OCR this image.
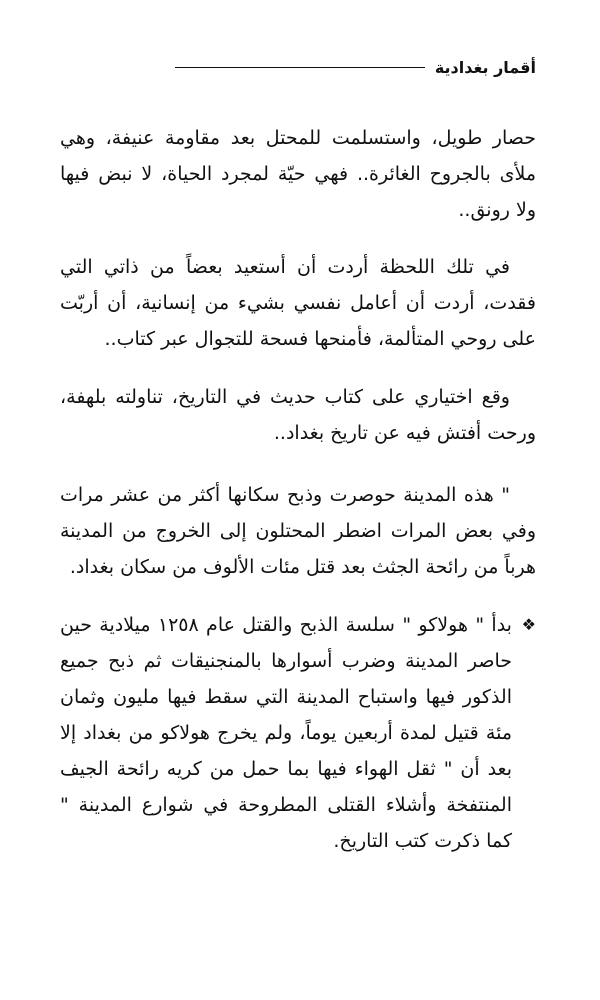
أقمار بغدادية

حصار طويل، واستسلمت للمحتل بعد مقاومة عنيفة، وهي ملأى بالجروح الغائرة.. فهي حيّة لمجرد الحياة، لا نبض فيها ولا رونق..

في تلك اللحظة أردت أن أستعيد بعضاً من ذاتي التي فقدت، أردت أن أعامل نفسي بشيء من إنسانية، أن أربّت على روحي المتألمة، فأمنحها فسحة للتجوال عبر كتاب..

وقع اختياري على كتاب حديث في التاريخ، تناولته بلهفة، ورحت أفتش فيه عن تاريخ بغداد..

" هذه المدينة حوصرت وذبح سكانها أكثر من عشر مرات وفي بعض المرات اضطر المحتلون إلى الخروج من المدينة هرباً من رائحة الجثث بعد قتل مئات الألوف من سكان بغداد.

❖

بدأ " هولاكو " سلسة الذبح والقتل عام ١٢٥٨ ميلادية حين حاصر المدينة وضرب أسوارها بالمنجنيقات ثم ذبح جميع الذكور فيها واستباح المدينة التي سقط فيها مليون وثمان مئة قتيل لمدة أربعين يوماً، ولم يخرج هولاكو من بغداد إلا بعد أن " ثقل الهواء فيها بما حمل من كريه رائحة الجيف المنتفخة وأشلاء القتلى المطروحة في شوارع المدينة " كما ذكرت كتب التاريخ.
